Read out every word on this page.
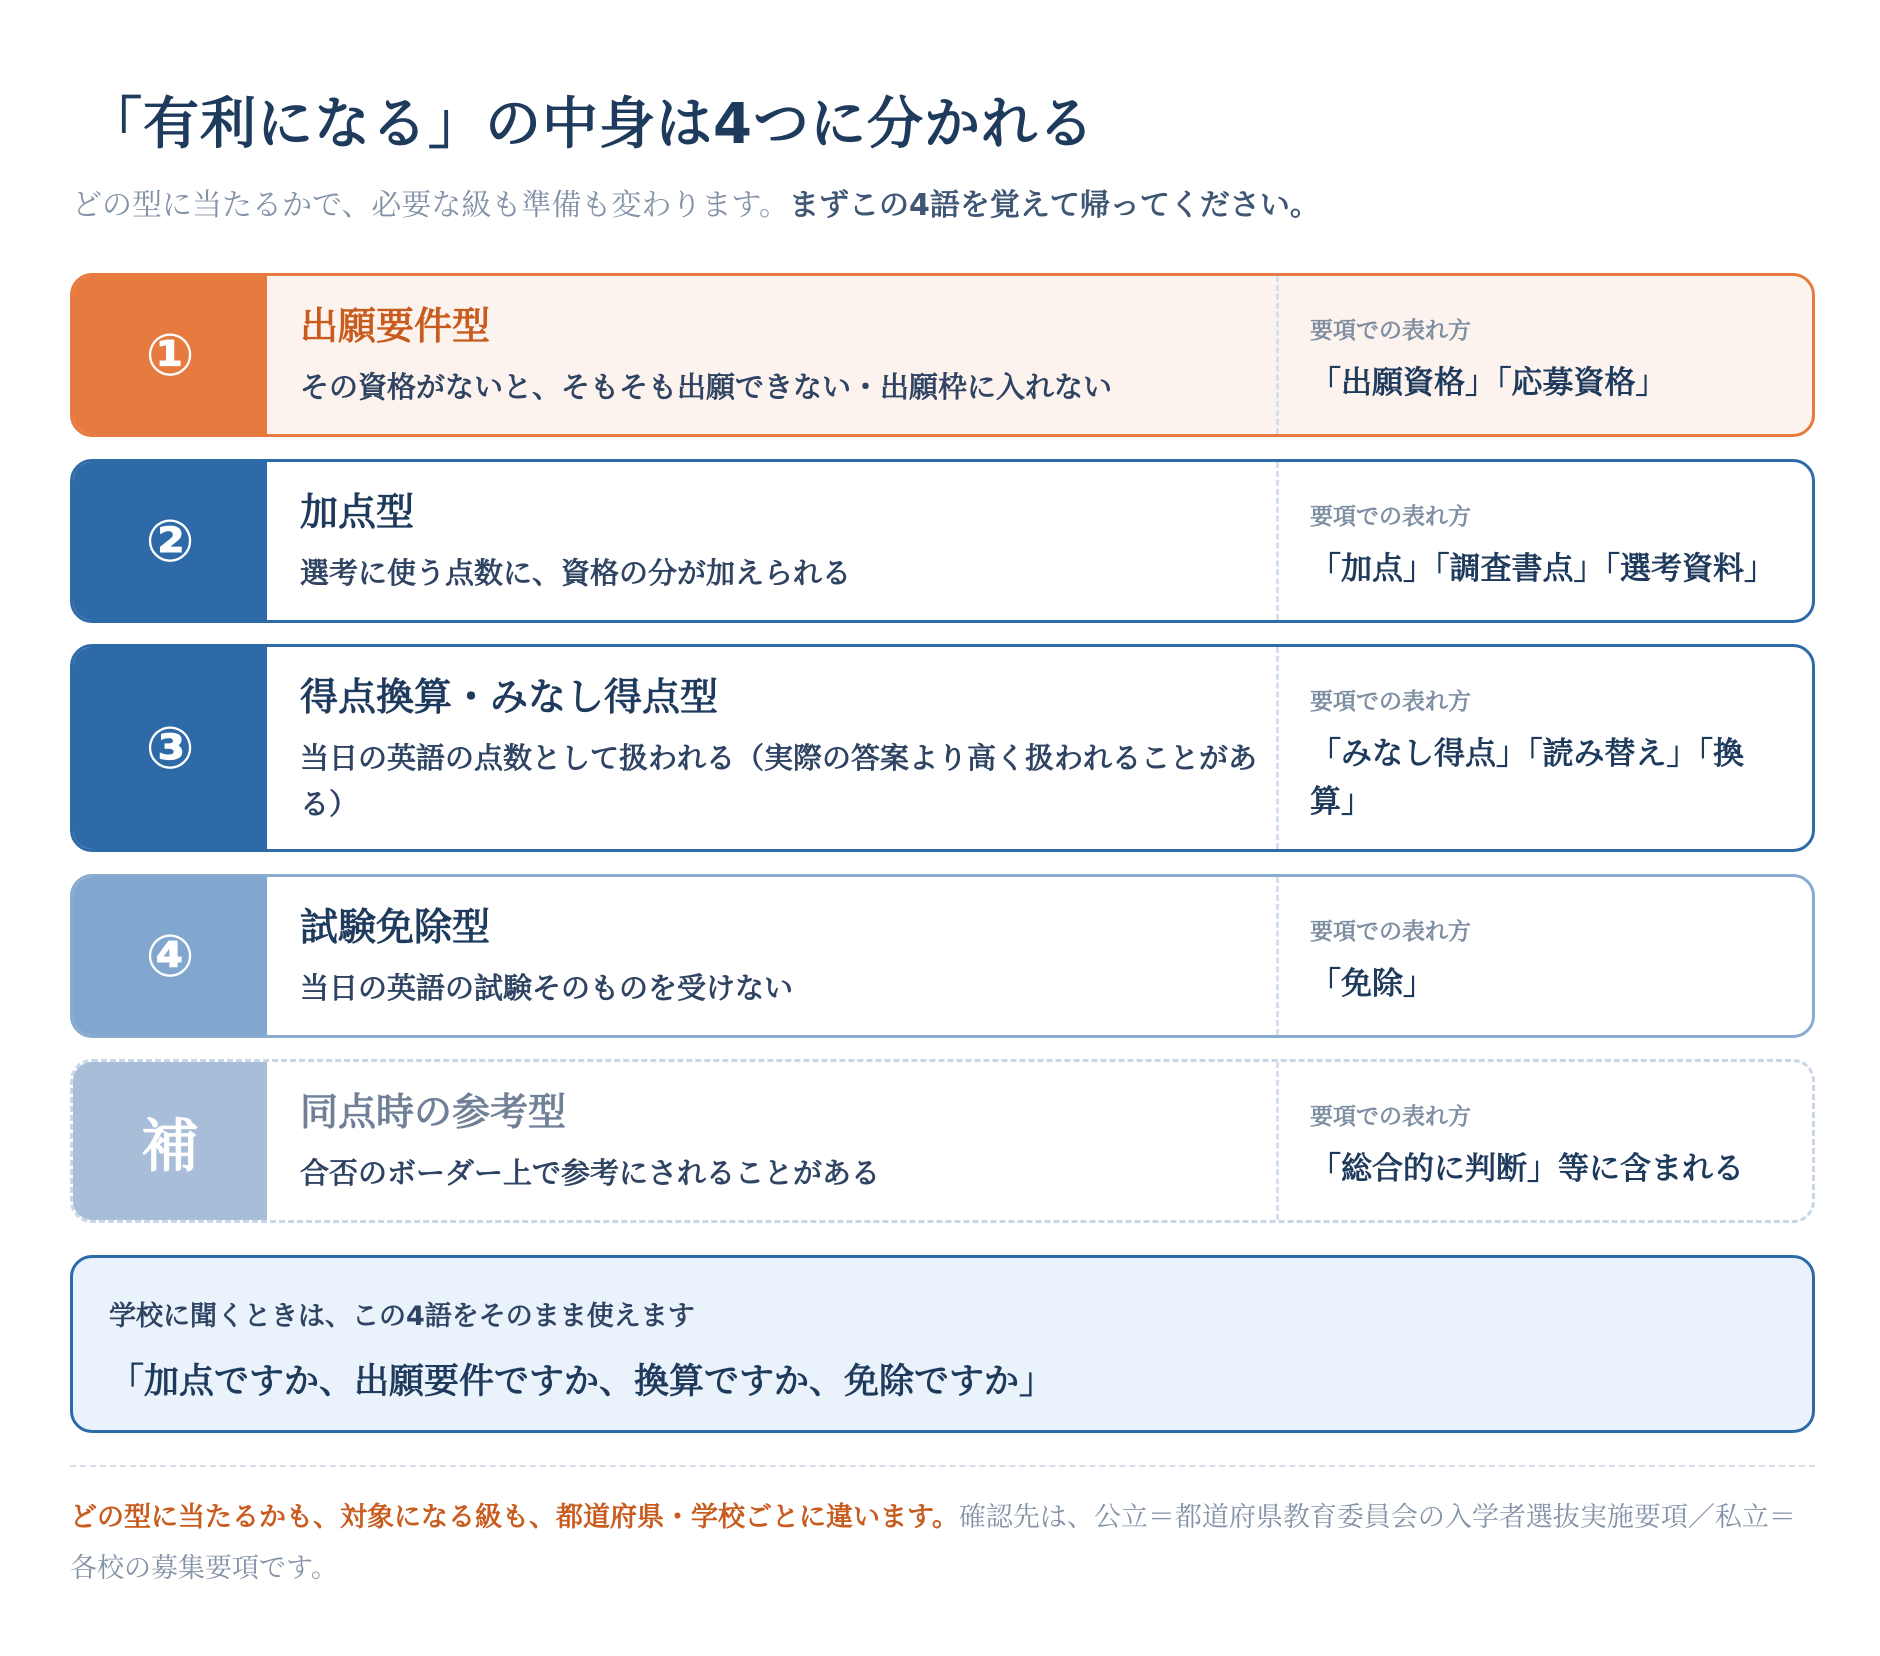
「有利になる」の中身は4つに分かれる

どの型に当たるかで、必要な級も準備も変わります。まずこの4語を覚えて帰ってください。

①	出願要件型
その資格がないと、そもそも出願できない・出願枠に入れない
要項での表れ方
「出願資格」「応募資格」
②	加点型
選考に使う点数に、資格の分が加えられる
要項での表れ方
「加点」「調査書点」「選考資料」
③
得点換算・みなし得点型
当日の英語の点数として扱われる（実際の答案より高く扱われることがある）
要項での表れ方
「みなし得点」「読み替え」「換算」
④	試験免除型
当日の英語の試験そのものを受けない
要項での表れ方
「免除」
補	同点時の参考型
合否のボーダー上で参考にされることがある
要項での表れ方
「総合的に判断」等に含まれる
学校に聞くときは、この4語をそのまま使えます
「加点ですか、出願要件ですか、換算ですか、免除ですか」

どの型に当たるかも、対象になる級も、都道府県・学校ごとに違います。確認先は、公立＝都道府県教育委員会の入学者選抜実施要項／私立＝各校の募集要項です。
